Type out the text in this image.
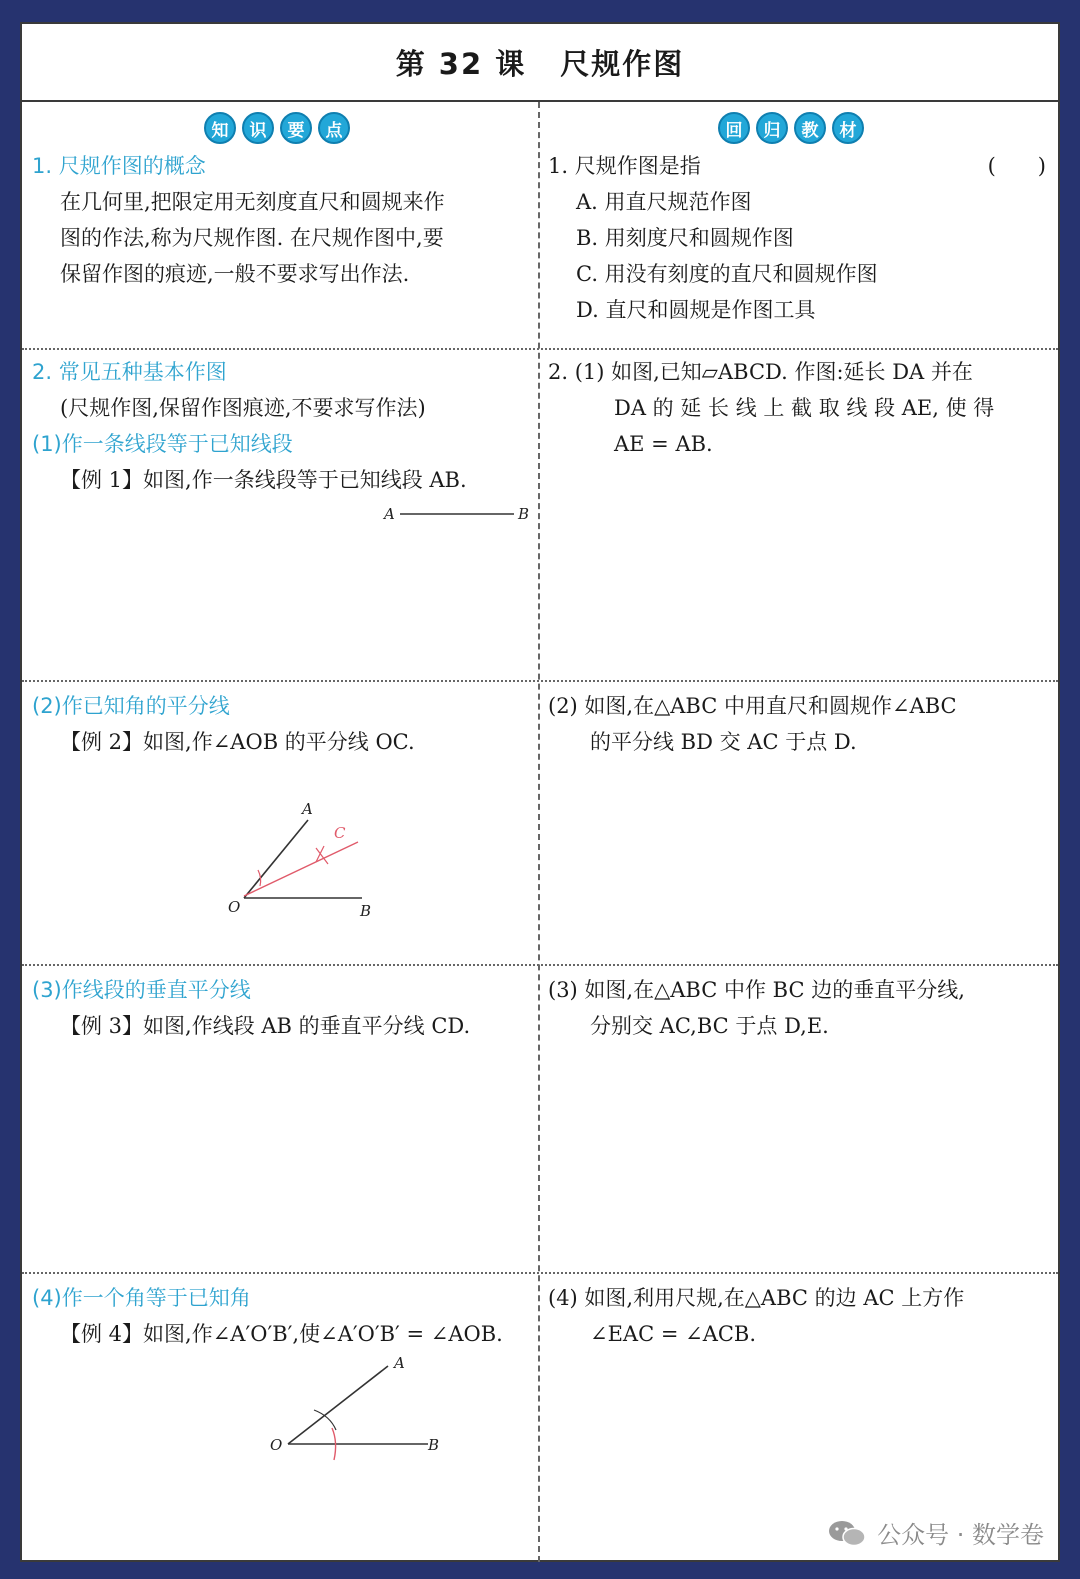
第 32 课 尺规作图
知	识	要	点	回	归	教	材
1. 尺规作图的概念
在几何里,把限定用无刻度直尺和圆规来作
图的作法,称为尺规作图. 在尺规作图中,要
保留作图的痕迹,一般不要求写出作法.
1. 尺规作图是指	(　　)
A. 用直尺规范作图
B. 用刻度尺和圆规作图
C. 用没有刻度的直尺和圆规作图
D. 直尺和圆规是作图工具
2. 常见五种基本作图
(尺规作图,保留作图痕迹,不要求写作法)
(1)作一条线段等于已知线段
【例 1】如图,作一条线段等于已知线段 AB.
A	B
2. (1) 如图,已知▱ABCD. 作图:延长 DA 并在
DA 的 延 长 线 上 截 取 线 段 AE, 使 得
AE = AB.
(2)作已知角的平分线
【例 2】如图,作∠AOB 的平分线 OC.
A
O	B
C
(2) 如图,在△ABC 中用直尺和圆规作∠ABC
的平分线 BD 交 AC 于点 D.
(3)作线段的垂直平分线
【例 3】如图,作线段 AB 的垂直平分线 CD.
(3) 如图,在△ABC 中作 BC 边的垂直平分线,
分别交 AC,BC 于点 D,E.
(4)作一个角等于已知角
【例 4】如图,作∠A′O′B′,使∠A′O′B′ = ∠AOB.
A
O	B
(4) 如图,利用尺规,在△ABC 的边 AC 上方作
∠EAC = ∠ACB.
公众号 · 数学卷
